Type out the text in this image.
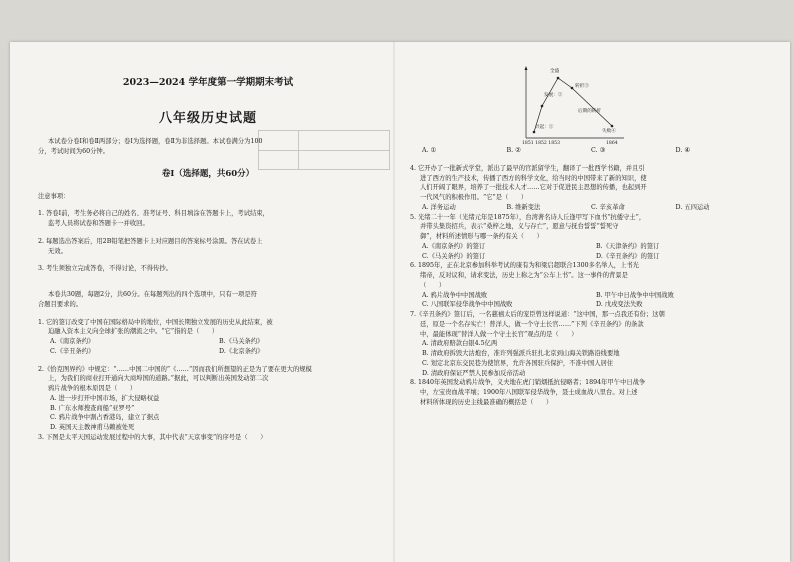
2023—2024 学年度第一学期期末考试
八年级历史试题

本试卷分卷Ⅰ和卷Ⅱ两部分；卷Ⅰ为选择题，卷Ⅱ为非选择题。本试卷满分为100

分，考试时间为60分钟。

卷Ⅰ（选择题，共60分）

注意事项：

1. 答卷Ⅰ前，考生务必将自己的姓名、准考证号、科目填涂在答题卡上，考试结束，

监考人员将试卷和答题卡一并收回。

2. 每题选出答案后，用2B铅笔把答题卡上对应题目的答案标号涂黑。答在试卷上

无效。

3. 考生须独立完成答卷，不得讨论，不得传抄。

本卷共30题，每题2分，共60分。在每题列出的四个选项中，只有一项是符

合题目要求的。

1. 它的签订改变了中国在国际格局中的地位，中国长期独立发展的历史从此结束，被

迫融入资本主义向全球扩张的潮流之中。“它”指的是（　　）

A.《南京条约》	B.《马关条约》
C.《辛丑条约》	D.《北京条约》

2.《恰克图界约》中规定：“……中国二中国的”《……“因而我们所想望的正是为了要在更大的规模

上，为我们的商业打开通向大商埠国的道路。”据此，可以判断出英国发动第二次

鸦片战争的根本原因是（　　）

A. 进一步打开中国市场，扩大侵略权益
B. 广东水师搜查商船“亚罗号”
C. 鸦片战争中割占香港岛，建立了据点
D. 英国天主教神甫马赖被处死

3. 下图是太平天国运动发展过程中的大事，其中代表“天京事变”的序号是（　　）

全盛
发展：②
转折③
兴起：①
后期的转折
失败④
1851 1852 1853	1864
A. ①	B. ②	C. ③	D. ④

4. 它开办了一批新式学堂，派出了最早的官派留学生，翻译了一批西学书籍，并且引

进了西方的生产技术，传播了西方的科学文化，给当时的中国带来了新的知识，使

人们开阔了眼界，培养了一批技术人才……它对于促进民主思想的传播，也起到开

一代风气的积极作用。“它”是（　　）

A. 洋务运动	B. 维新变法	C. 辛亥革命	D. 五四运动

5. 光绪二十一年（光绪元年是1875年），台湾著名诗人丘逢甲写下血书“抗倭守土”，

并带头集资招兵，表示“桑梓之地，义与存亡”，愿意与抚台誓誓“誓死守

御”，材料所述情形与哪一条约有关（　　）

A.《南京条约》的签订	B.《天津条约》的签订
C.《马关条约》的签订	D.《辛丑条约》的签订

6. 1895年，正在北京参加科举考试的康有为和梁启超联合1300多名举人，上书光

绪帝，反对议和，请求变法，历史上称之为“公车上书”。这一事件的背景是

（　　）

A. 鸦片战争中中国战败	B. 甲午中日战争中中国战败
C. 八国联军侵华战争中中国战败	D. 戊戌变法失败

7.《辛丑条约》签订后，一名慈禧太后的宠臣曾这样说道：“这中国，那一点我还有份；这朝

廷，原是一个名存实亡！普洋人，做一个守土长官……”下列《辛丑条约》的条款

中，最能体现“替洋人做一个守土长官”观点的是（　　）

A. 清政府赔款白银4.5亿两
B. 清政府拆毁大沽炮台，准许列强派兵驻扎北京到山海关铁路沿线要地
C. 划定北京东交民巷为使馆界，允许各国驻兵保护，不准中国人居住
D. 清政府保证严禁人民参加反帝活动

8. 1840年英国发动鸦片战争，义夫地在虎门销烟抵抗侵略者；1894年甲午中日战争

中，左宝贵血战平壤；1900年八国联军侵华战争，聂士成血战八里台。对上述

材料所体现的历史主线最准确的概括是（　　）
